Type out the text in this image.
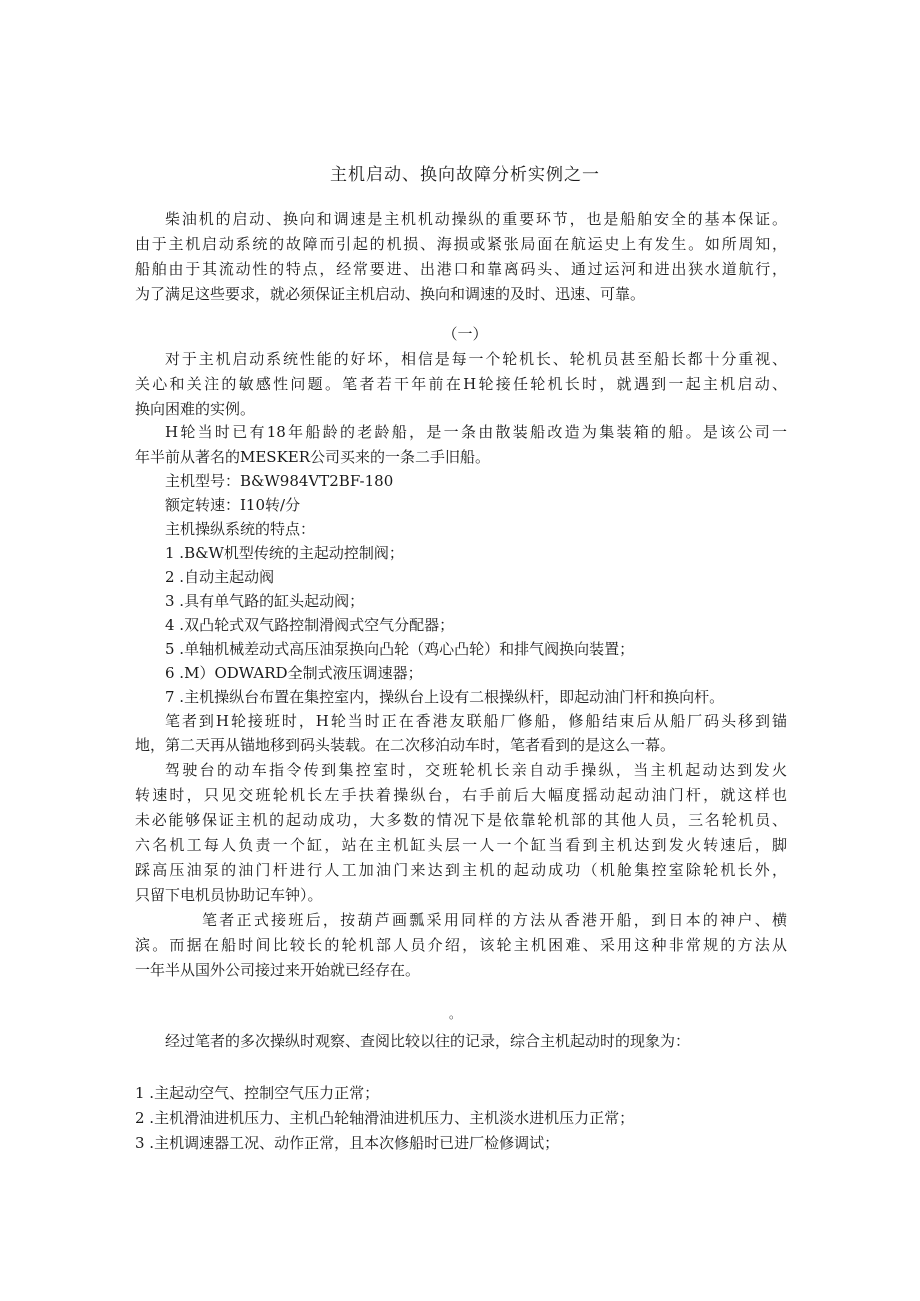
主机启动、换向故障分析实例之一
柴油机的启动、换向和调速是主机机动操纵的重要环节，也是船舶安全的基本保证。
由于主机启动系统的故障而引起的机损、海损或紧张局面在航运史上有发生。如所周知，
船舶由于其流动性的特点，经常要进、出港口和靠离码头、通过运河和进出狭水道航行，
为了满足这些要求，就必须保证主机启动、换向和调速的及时、迅速、可靠。
（一）
对于主机启动系统性能的好坏，相信是每一个轮机长、轮机员甚至船长都十分重视、
关心和关注的敏感性问题。笔者若干年前在H轮接任轮机长时，就遇到一起主机启动、
换向困难的实例。
H轮当时已有18年船龄的老龄船，是一条由散装船改造为集装箱的船。是该公司一
年半前从著名的MESKER公司买来的一条二手旧船。
主机型号：B&W984VT2BF-180
额定转速：I10转/分
主机操纵系统的特点：
1 .B&W机型传统的主起动控制阀；
2 .自动主起动阀
3 .具有单气路的缸头起动阀；
4 .双凸轮式双气路控制滑阀式空气分配器；
5 .单轴机械差动式高压油泵换向凸轮（鸡心凸轮）和排气阀换向装置；
6 .M）ODWARD全制式液压调速器；
7 .主机操纵台布置在集控室内，操纵台上设有二根操纵杆，即起动油门杆和换向杆。
笔者到H轮接班时，H轮当时正在香港友联船厂修船，修船结束后从船厂码头移到锚
地，第二天再从锚地移到码头装载。在二次移泊动车时，笔者看到的是这么一幕。
驾驶台的动车指令传到集控室时，交班轮机长亲自动手操纵，当主机起动达到发火
转速时，只见交班轮机长左手扶着操纵台，右手前后大幅度摇动起动油门杆，就这样也
未必能够保证主机的起动成功，大多数的情况下是依靠轮机部的其他人员，三名轮机员、
六名机工每人负责一个缸，站在主机缸头层一人一个缸当看到主机达到发火转速后，脚
踩高压油泵的油门杆进行人工加油门来达到主机的起动成功（机舱集控室除轮机长外，
只留下电机员协助记车钟）。
笔者正式接班后，按葫芦画瓢采用同样的方法从香港开船，到日本的神户、横
滨。而据在船时间比较长的轮机部人员介绍，该轮主机困难、采用这种非常规的方法从
一年半从国外公司接过来开始就已经存在。
。
经过笔者的多次操纵时观察、查阅比较以往的记录，综合主机起动时的现象为：
1 .主起动空气、控制空气压力正常；
2 .主机滑油进机压力、主机凸轮轴滑油进机压力、主机淡水进机压力正常；
3 .主机调速器工况、动作正常，且本次修船时已进厂检修调试；
